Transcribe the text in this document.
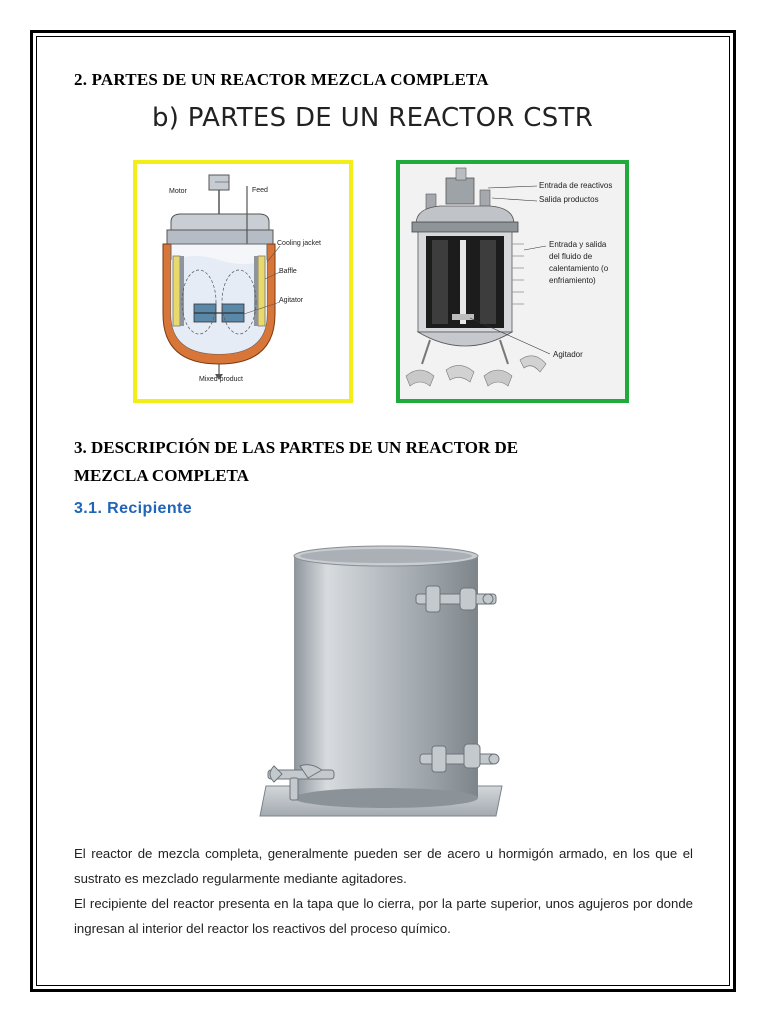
2. PARTES DE UN REACTOR MEZCLA COMPLETA
b) PARTES DE UN REACTOR CSTR
Motor	Feed
Cooling jacket
Baffle
Agitator
Mixed product
Entrada de reactivos
Salida productos
Entrada y salida
del fluido de
calentamiento (o
enfriamiento)
Agitador
3. DESCRIPCIÓN DE LAS PARTES DE UN REACTOR DE
MEZCLA COMPLETA
3.1. Recipiente
El reactor de mezcla completa, generalmente pueden ser de acero u hormigón armado, en los que el sustrato es mezclado regularmente mediante agitadores.
El recipiente del reactor presenta en la tapa que lo cierra, por la parte superior, unos agujeros por donde ingresan al interior del reactor los reactivos del proceso químico.
